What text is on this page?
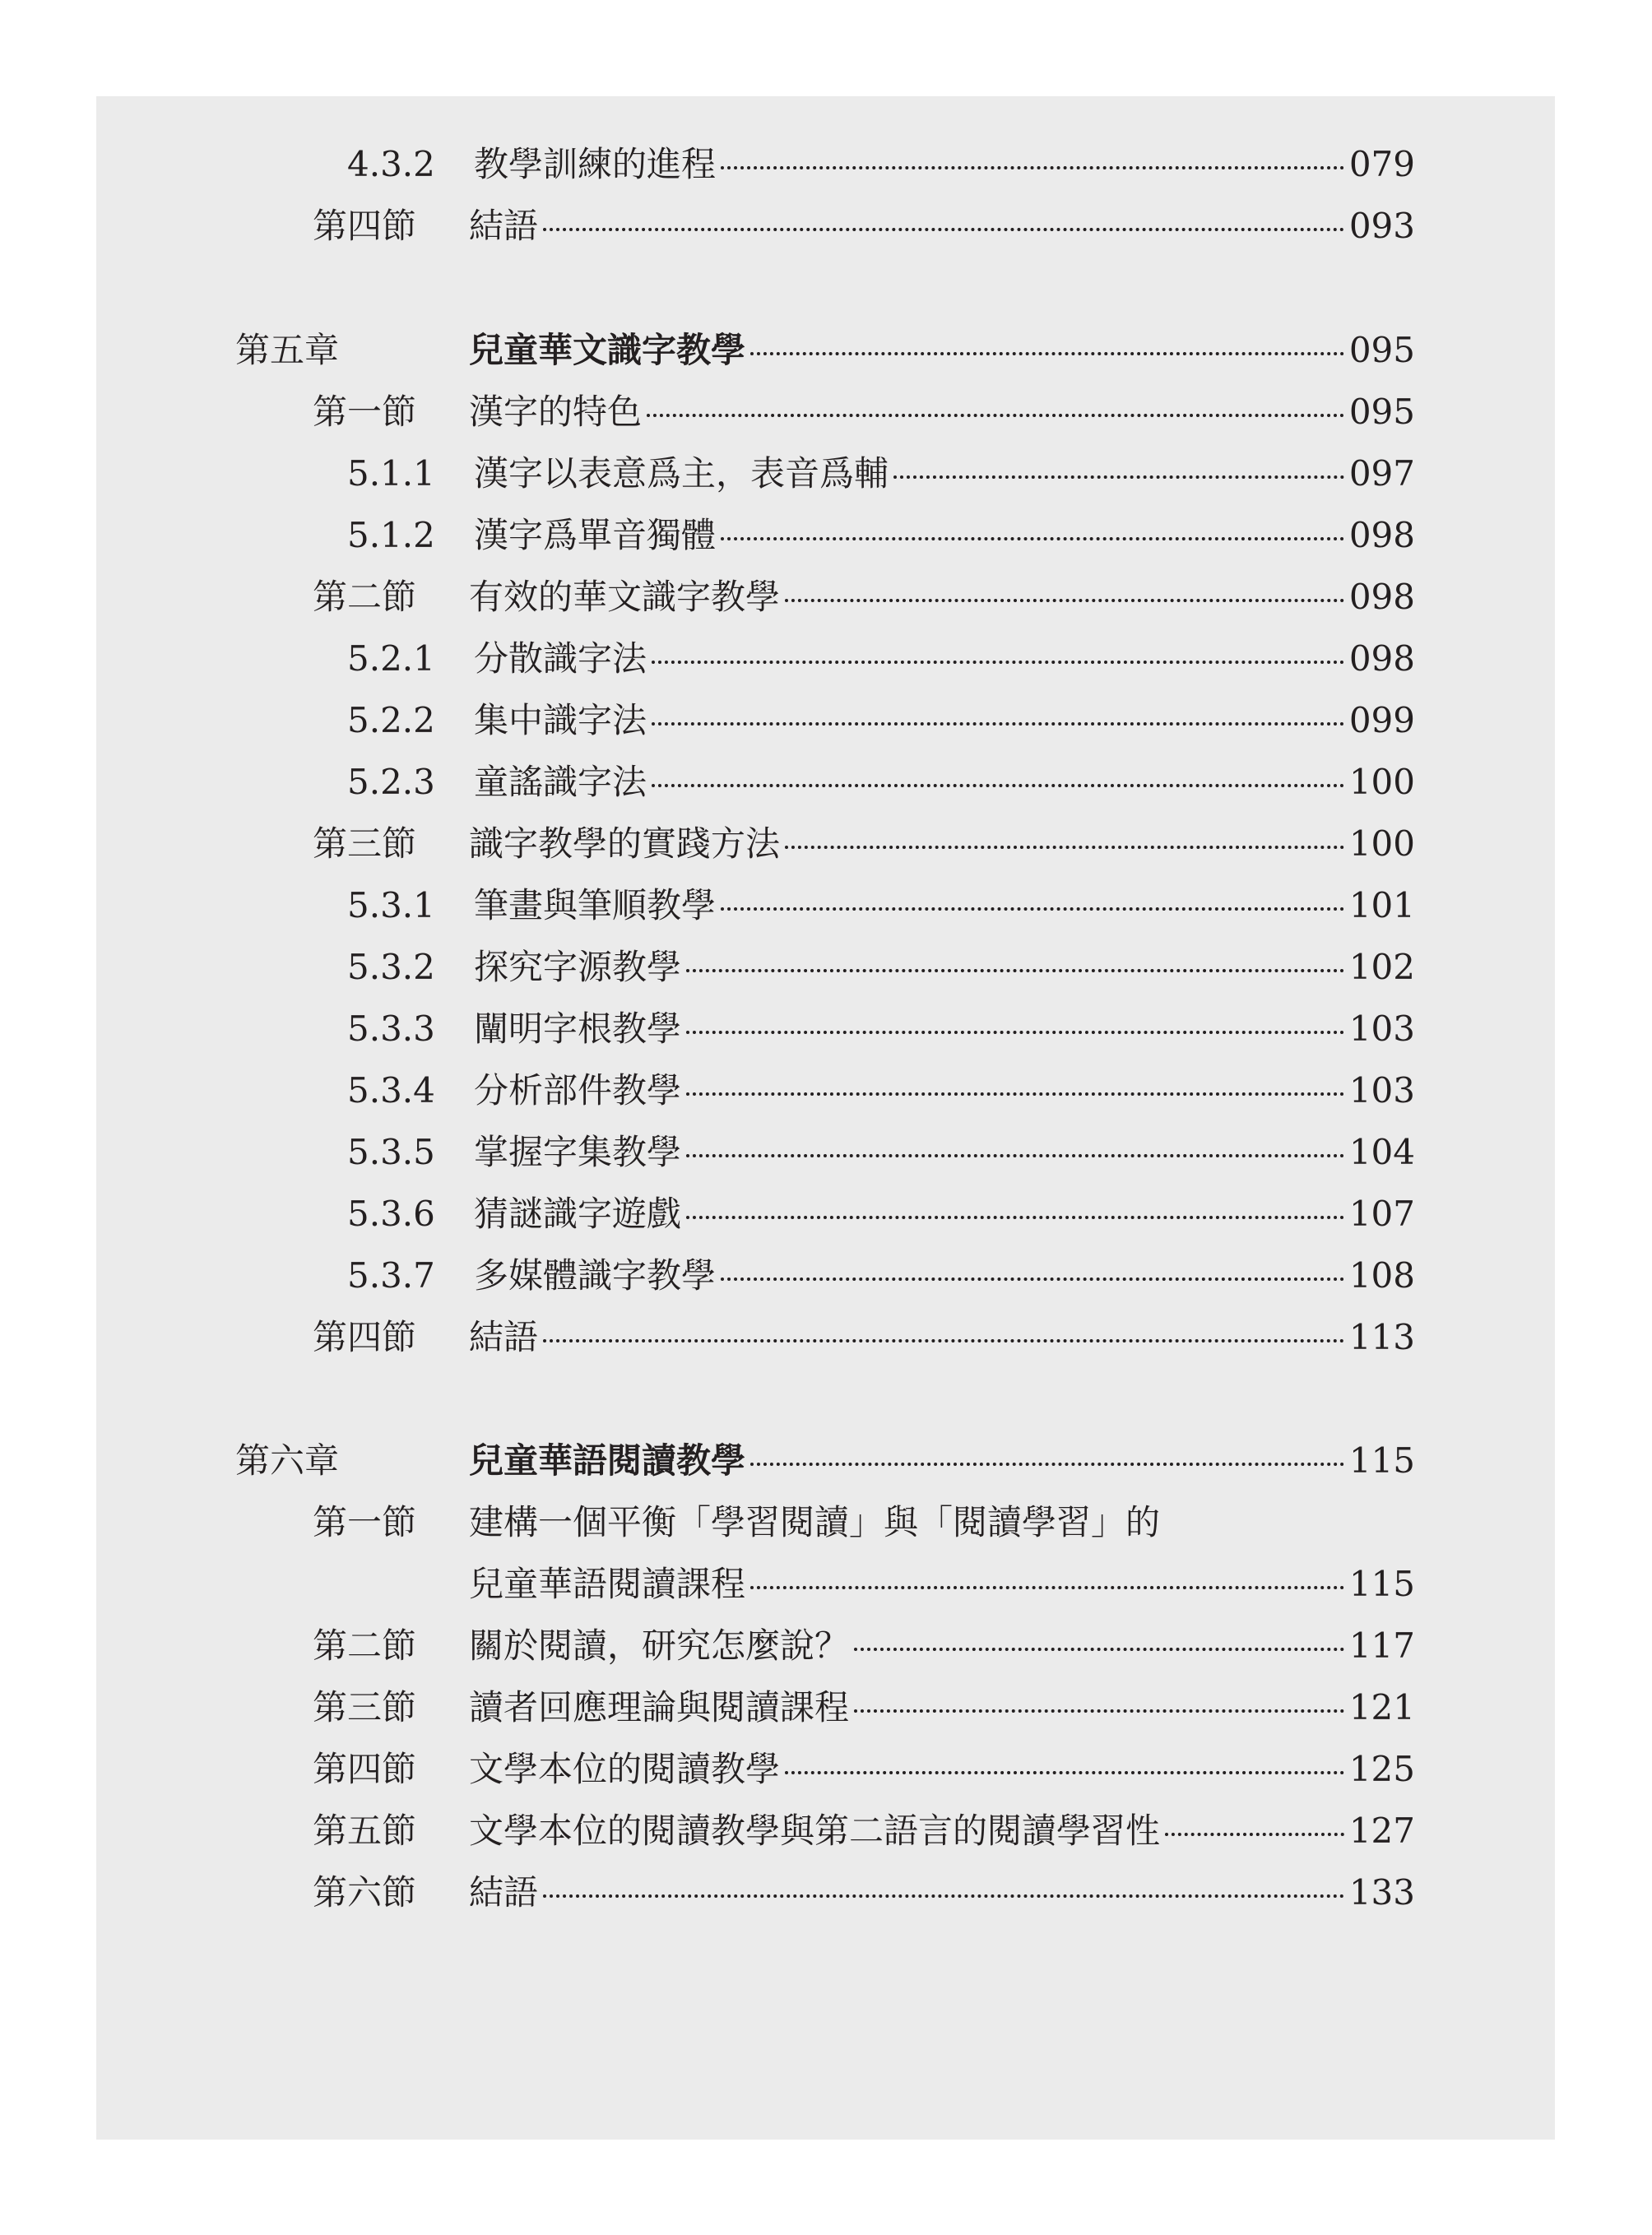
4.3.2	教學訓練的進程	079
第四節	結語	093
第五章	兒童華文識字教學	095
第一節	漢字的特色	095
5.1.1	漢字以表意爲主，表音爲輔	097
5.1.2	漢字爲單音獨體	098
第二節	有效的華文識字教學	098
5.2.1	分散識字法	098
5.2.2	集中識字法	099
5.2.3	童謠識字法	100
第三節	識字教學的實踐方法	100
5.3.1	筆畫與筆順教學	101
5.3.2	探究字源教學	102
5.3.3	闡明字根教學	103
5.3.4	分析部件教學	103
5.3.5	掌握字集教學	104
5.3.6	猜謎識字遊戲	107
5.3.7	多媒體識字教學	108
第四節	結語	113
第六章	兒童華語閱讀教學	115
第一節	建構一個平衡「學習閱讀」與「閱讀學習」的
兒童華語閱讀課程	115
第二節	關於閱讀，研究怎麼說？	117
第三節	讀者回應理論與閱讀課程	121
第四節	文學本位的閱讀教學	125
第五節	文學本位的閱讀教學與第二語言的閱讀學習性	127
第六節	結語	133
